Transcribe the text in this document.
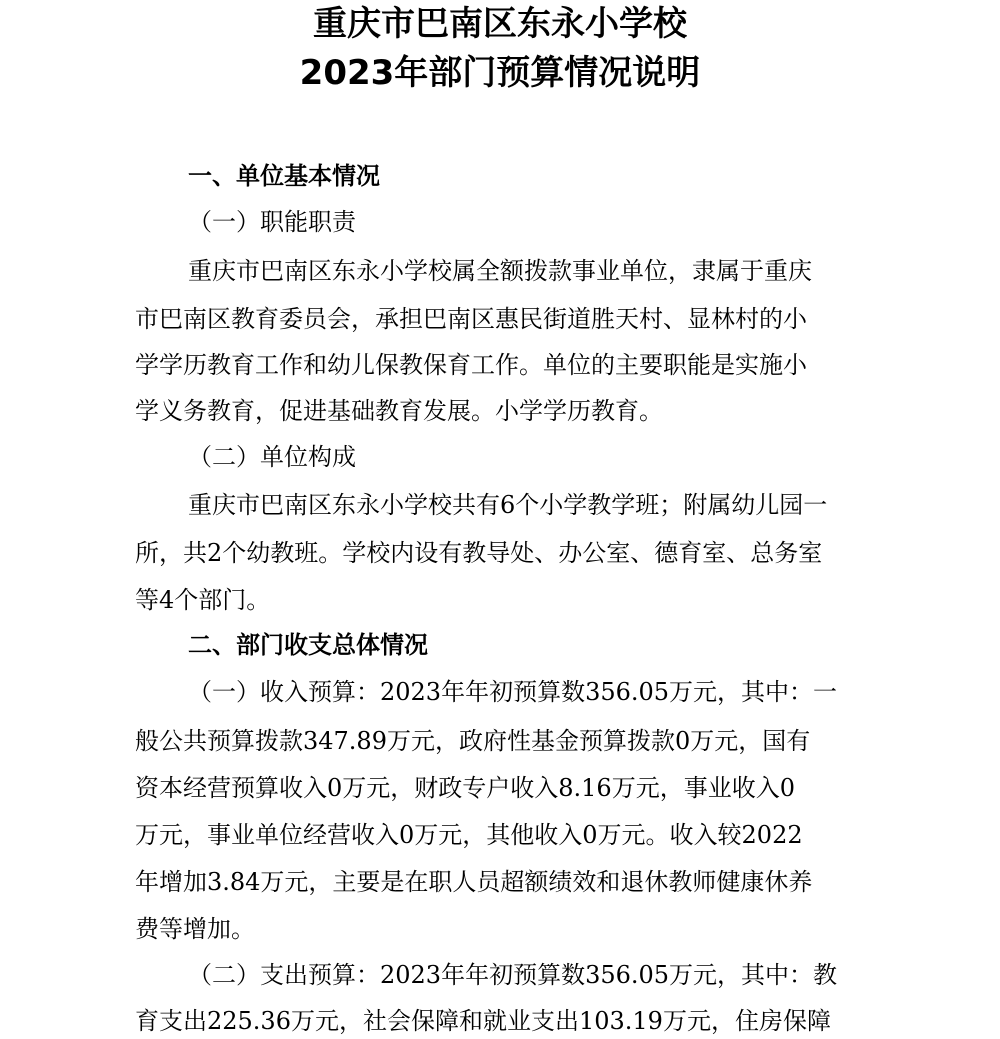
重庆市巴南区东永小学校
2023年部门预算情况说明
一、单位基本情况

（一）职能职责

重庆市巴南区东永小学校属全额拨款事业单位，隶属于重庆

市巴南区教育委员会，承担巴南区惠民街道胜天村、显林村的小

学学历教育工作和幼儿保教保育工作。单位的主要职能是实施小

学义务教育，促进基础教育发展。小学学历教育。

（二）单位构成

重庆市巴南区东永小学校共有6个小学教学班；附属幼儿园一

所，共2个幼教班。学校内设有教导处、办公室、德育室、总务室

等4个部门。

二、部门收支总体情况

（一）收入预算：2023年年初预算数356.05万元，其中：一

般公共预算拨款347.89万元，政府性基金预算拨款0万元，国有

资本经营预算收入0万元，财政专户收入8.16万元，事业收入0

万元，事业单位经营收入0万元，其他收入0万元。收入较2022

年增加3.84万元，主要是在职人员超额绩效和退休教师健康休养

费等增加。

（二）支出预算：2023年年初预算数356.05万元，其中：教

育支出225.36万元，社会保障和就业支出103.19万元，住房保障
